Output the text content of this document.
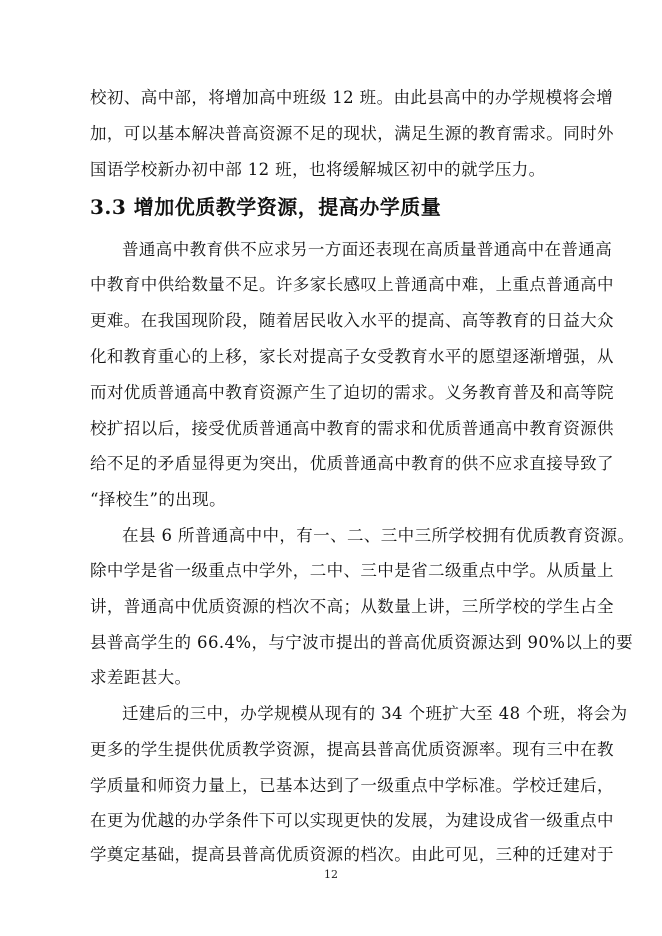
校初、高中部，将增加高中班级 12 班。由此县高中的办学规模将会增
加，可以基本解决普高资源不足的现状，满足生源的教育需求。同时外
国语学校新办初中部 12 班，也将缓解城区初中的就学压力。
3.3 增加优质教学资源，提高办学质量
普通高中教育供不应求另一方面还表现在高质量普通高中在普通高
中教育中供给数量不足。许多家长感叹上普通高中难，上重点普通高中
更难。在我国现阶段，随着居民收入水平的提高、高等教育的日益大众
化和教育重心的上移，家长对提高子女受教育水平的愿望逐渐增强，从
而对优质普通高中教育资源产生了迫切的需求。义务教育普及和高等院
校扩招以后，接受优质普通高中教育的需求和优质普通高中教育资源供
给不足的矛盾显得更为突出，优质普通高中教育的供不应求直接导致了
“择校生”的出现。
在县 6 所普通高中中，有一、二、三中三所学校拥有优质教育资源。
除中学是省一级重点中学外，二中、三中是省二级重点中学。从质量上
讲，普通高中优质资源的档次不高；从数量上讲，三所学校的学生占全
县普高学生的 66.4%，与宁波市提出的普高优质资源达到 90%以上的要
求差距甚大。
迁建后的三中，办学规模从现有的 34 个班扩大至 48 个班，将会为
更多的学生提供优质教学资源，提高县普高优质资源率。现有三中在教
学质量和师资力量上，已基本达到了一级重点中学标准。学校迁建后，
在更为优越的办学条件下可以实现更快的发展，为建设成省一级重点中
学奠定基础，提高县普高优质资源的档次。由此可见，三种的迁建对于
12
